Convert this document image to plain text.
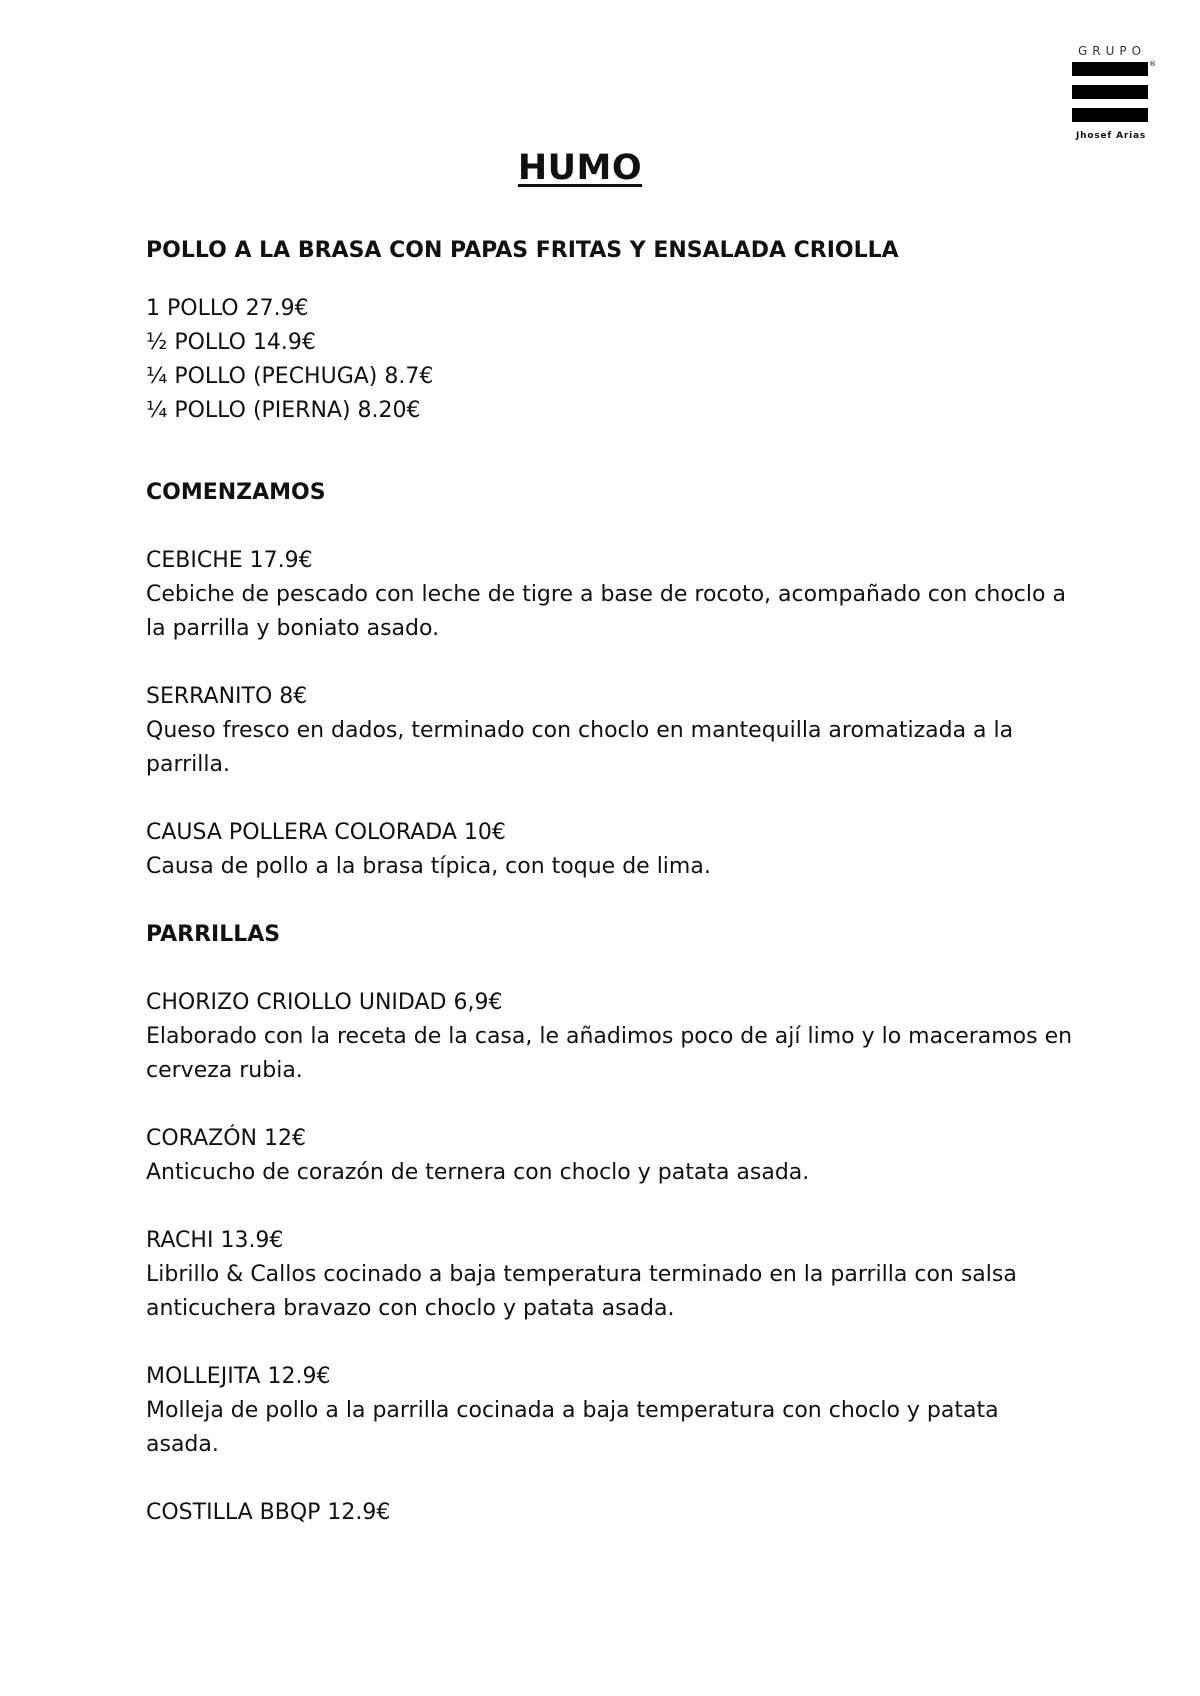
GRUPO
®
Jhosef Arias
HUMO

POLLO A LA BRASA CON PAPAS FRITAS Y ENSALADA CRIOLLA

1 POLLO 27.9€

½ POLLO 14.9€

¼ POLLO (PECHUGA) 8.7€

¼ POLLO (PIERNA) 8.20€

COMENZAMOS

CEBICHE 17.9€

Cebiche de pescado con leche de tigre a base de rocoto, acompañado con choclo a la parrilla y boniato asado.

SERRANITO 8€

Queso fresco en dados, terminado con choclo en mantequilla aromatizada a la parrilla.

CAUSA POLLERA COLORADA 10€

Causa de pollo a la brasa típica, con toque de lima.

PARRILLAS

CHORIZO CRIOLLO UNIDAD 6,9€

Elaborado con la receta de la casa, le añadimos poco de ají limo y lo maceramos en cerveza rubia.

CORAZÓN 12€

Anticucho de corazón de ternera con choclo y patata asada.

RACHI 13.9€

Librillo & Callos cocinado a baja temperatura terminado en la parrilla con salsa anticuchera bravazo con choclo y patata asada.

MOLLEJITA 12.9€

Molleja de pollo a la parrilla cocinada a baja temperatura con choclo y patata asada.

COSTILLA BBQP 12.9€
